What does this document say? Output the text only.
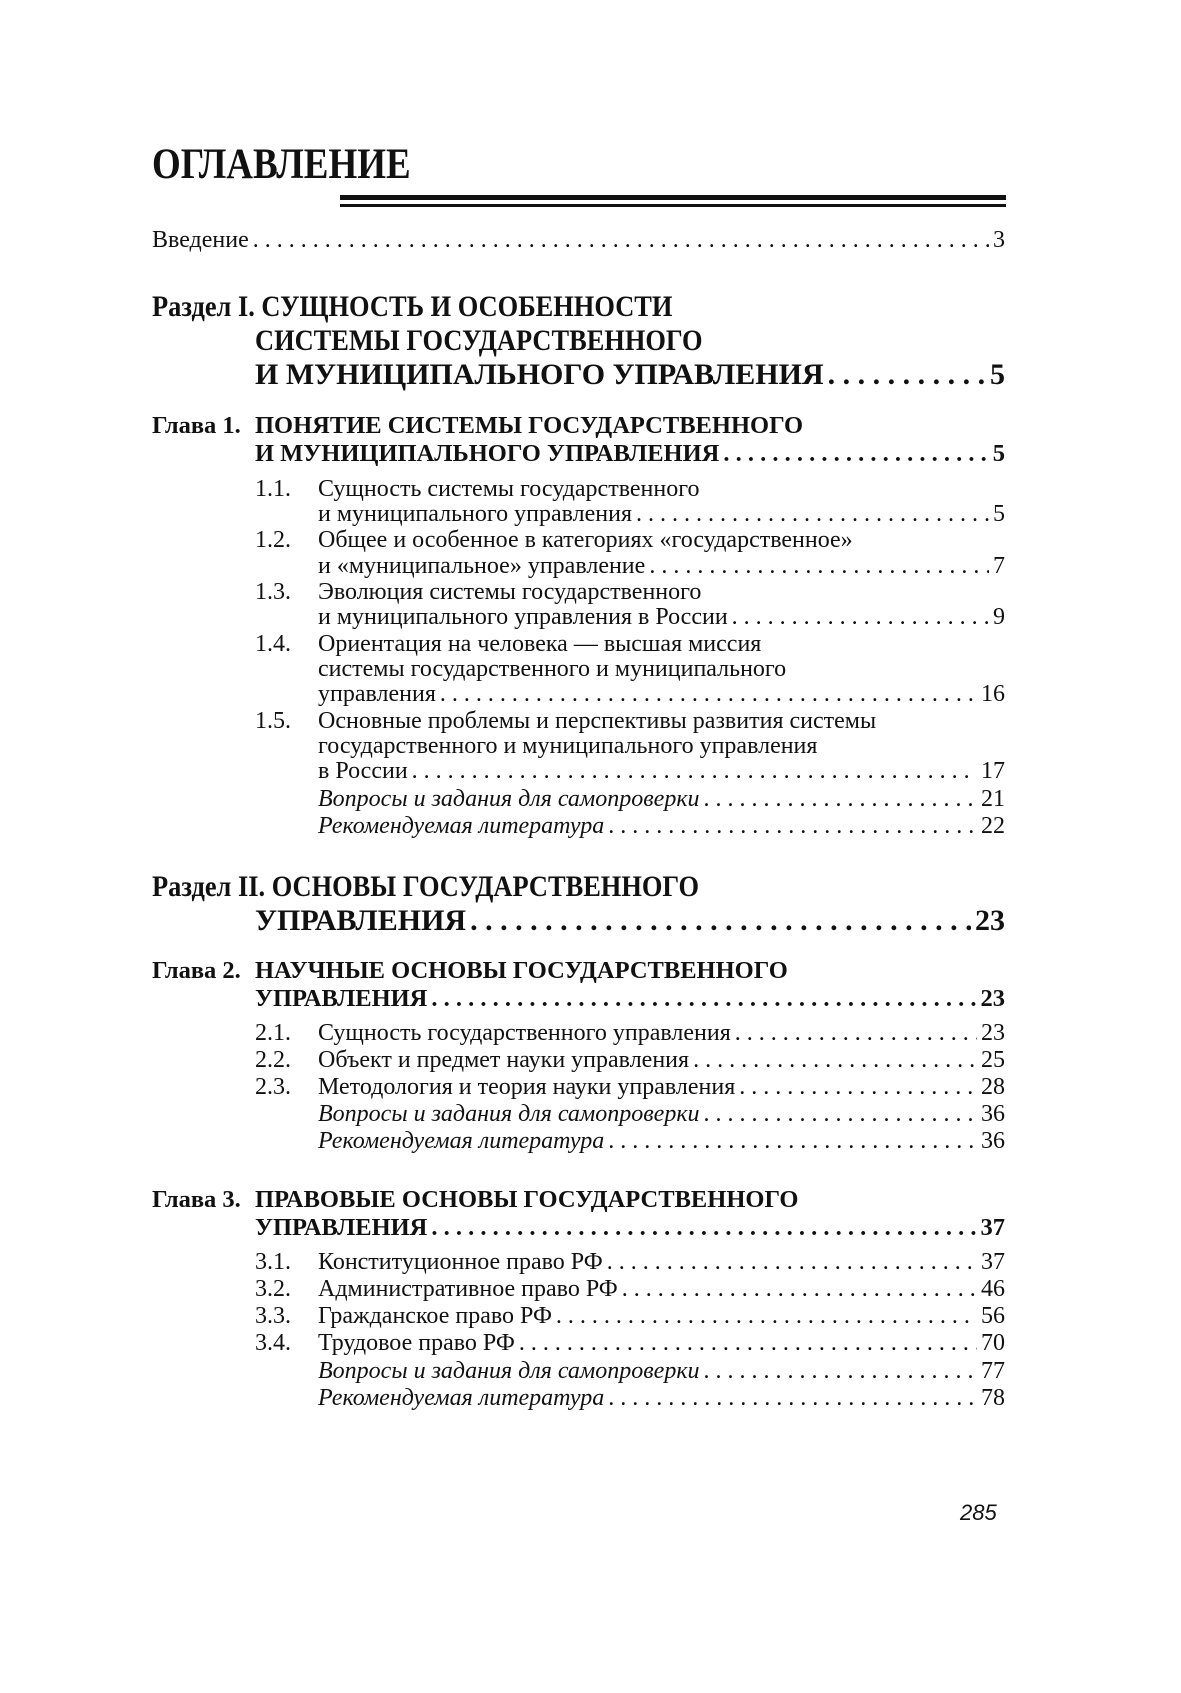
ОГЛАВЛЕНИЕ
Введение . . .	3
Раздел I. СУЩНОСТЬ И ОСОБЕННОСТИ
СИСТЕМЫ ГОСУДАРСТВЕННОГО
И МУНИЦИПАЛЬНОГО УПРАВЛЕНИЯ . . .	5
Глава 1. ПОНЯТИЕ СИСТЕМЫ ГОСУДАРСТВЕННОГО
И МУНИЦИПАЛЬНОГО УПРАВЛЕНИЯ . . .	5
1.1. Сущность системы государственного
и муниципального управления . . .	5
1.2. Общее и особенное в категориях «государственное»
и «муниципальное» управление . . .	7
1.3. Эволюция системы государственного
и муниципального управления в России . . .	9
1.4. Ориентация на человека — высшая миссия
системы государственного и муниципального
управления . . .	16
1.5. Основные проблемы и перспективы развития системы
государственного и муниципального управления
в России . . .	17
Вопросы и задания для самопроверки . . .	21
Рекомендуемая литература . . .	22
Раздел II. ОСНОВЫ ГОСУДАРСТВЕННОГО
УПРАВЛЕНИЯ . . .	23
Глава 2. НАУЧНЫЕ ОСНОВЫ ГОСУДАРСТВЕННОГО
УПРАВЛЕНИЯ . . .	23
2.1. Сущность государственного управления . . .	23
2.2. Объект и предмет науки управления . . .	25
2.3. Методология и теория науки управления . . .	28
Вопросы и задания для самопроверки . . .	36
Рекомендуемая литература . . .	36
Глава 3. ПРАВОВЫЕ ОСНОВЫ ГОСУДАРСТВЕННОГО
УПРАВЛЕНИЯ . . .	37
3.1. Конституционное право РФ . . .	37
3.2. Административное право РФ . . .	46
3.3. Гражданское право РФ . . .	56
3.4. Трудовое право РФ . . .	70
Вопросы и задания для самопроверки . . .	77
Рекомендуемая литература . . .	78
285
